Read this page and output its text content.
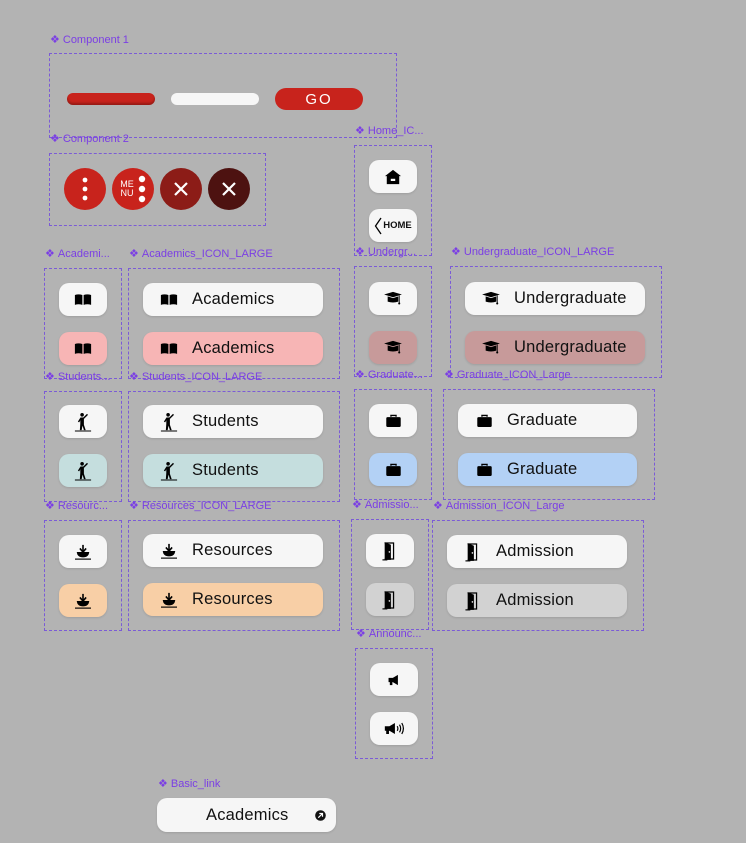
❖ Component 1
GO
❖ Component 2
ME
NU
❖ Home_IC...
HOME
❖ Academi... ❖ Academics_ICON_LARGE
Academics
Academics
❖ Undergr...	❖ Undergraduate_ICON_LARGE
Undergraduate
Undergraduate
❖ Students... ❖ Students_ICON_LARGE
Students
Students
❖ Graduate... ❖ Graduate_ICON_Large
Graduate
Graduate
❖ Resourc... ❖ Resources_ICON_LARGE
Resources
Resources
❖ Admissio... ❖ Admission_ICON_Large
Admission
Admission
❖ Announc...
❖ Basic_link
Academics
